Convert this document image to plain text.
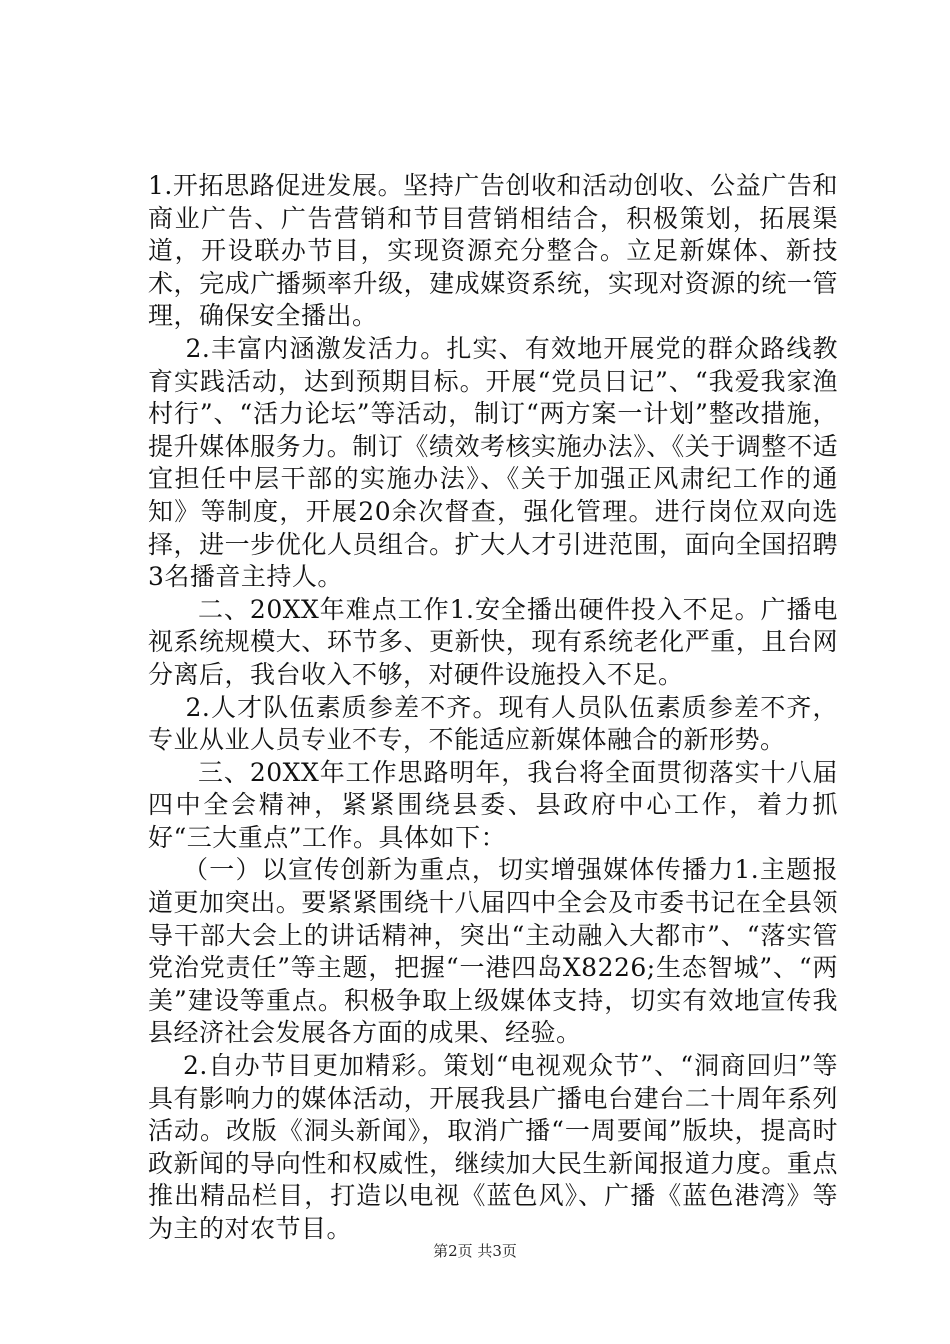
1.开拓思路促进发展。坚持广告创收和活动创收、公益广告和商业广告、广告营销和节目营销相结合，积极策划，拓展渠道，开设联办节目，实现资源充分整合。立足新媒体、新技术，完成广播频率升级，建成媒资系统，实现对资源的统一管理，确保安全播出。

2.丰富内涵激发活力。扎实、有效地开展党的群众路线教育实践活动，达到预期目标。开展“党员日记”、“我爱我家渔村行”、“活力论坛”等活动，制订“两方案一计划”整改措施，提升媒体服务力。制订《绩效考核实施办法》、《关于调整不适宜担任中层干部的实施办法》、《关于加强正风肃纪工作的通知》等制度，开展20余次督查，强化管理。进行岗位双向选择，进一步优化人员组合。扩大人才引进范围，面向全国招聘3名播音主持人。

二、20XX年难点工作1.安全播出硬件投入不足。广播电视系统规模大、环节多、更新快，现有系统老化严重，且台网分离后，我台收入不够，对硬件设施投入不足。

2.人才队伍素质参差不齐。现有人员队伍素质参差不齐，专业从业人员专业不专，不能适应新媒体融合的新形势。

三、20XX年工作思路明年，我台将全面贯彻落实十八届四中全会精神，紧紧围绕县委、县政府中心工作，着力抓好“三大重点”工作。具体如下：

（一）以宣传创新为重点，切实增强媒体传播力1.主题报道更加突出。要紧紧围绕十八届四中全会及市委书记在全县领导干部大会上的讲话精神，突出“主动融入大都市”、“落实管党治党责任”等主题，把握“一港四岛X8226;生态智城”、“两美”建设等重点。积极争取上级媒体支持，切实有效地宣传我县经济社会发展各方面的成果、经验。

2.自办节目更加精彩。策划“电视观众节”、“洞商回归”等具有影响力的媒体活动，开展我县广播电台建台二十周年系列活动。改版《洞头新闻》，取消广播“一周要闻”版块，提高时政新闻的导向性和权威性，继续加大民生新闻报道力度。重点推出精品栏目，打造以电视《蓝色风》、广播《蓝色港湾》等为主的对农节目。

第2页 共3页
